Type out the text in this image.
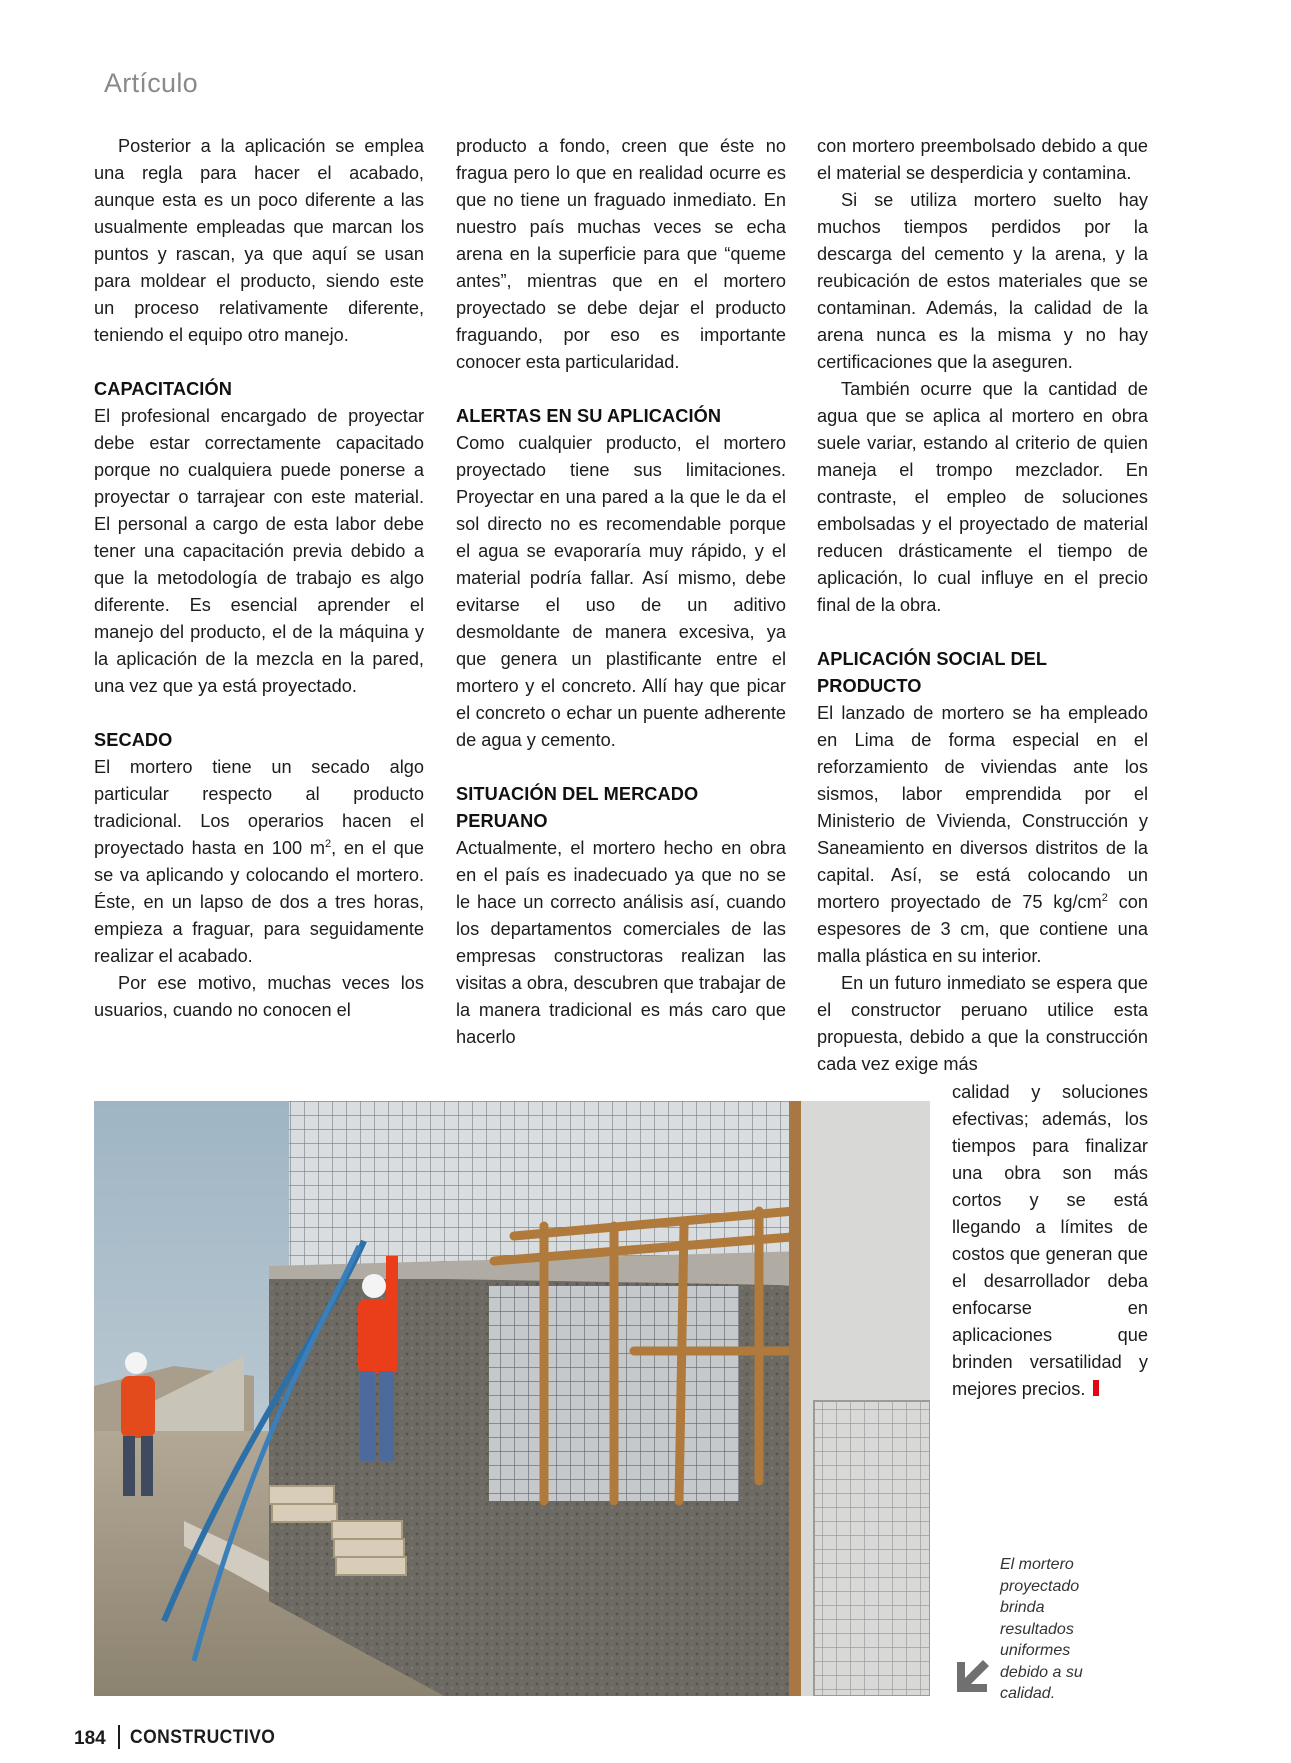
Artículo

Posterior a la aplicación se emplea una regla para hacer el acabado, aunque esta es un poco diferente a las usualmente empleadas que marcan los puntos y rascan, ya que aquí se usan para moldear el producto, siendo este un proceso relativamente diferente, teniendo el equipo otro manejo.

CAPACITACIÓN

El profesional encargado de proyectar debe estar correctamente capacitado porque no cualquiera puede ponerse a proyectar o tarrajear con este material. El personal a cargo de esta labor debe tener una capacitación previa debido a que la metodología de trabajo es algo diferente. Es esencial aprender el manejo del producto, el de la máquina y la aplicación de la mezcla en la pared, una vez que ya está proyectado.

SECADO

El mortero tiene un secado algo particular respecto al producto tradicional. Los operarios hacen el proyectado hasta en 100 $m^2$, en el que se va aplicando y colocando el mortero. Éste, en un lapso de dos a tres horas, empieza a fraguar, para seguidamente realizar el acabado.

Por ese motivo, muchas veces los usuarios, cuando no conocen el

producto a fondo, creen que éste no fragua pero lo que en realidad ocurre es que no tiene un fraguado inmediato. En nuestro país muchas veces se echa arena en la superficie para que “queme antes”, mientras que en el mortero proyectado se debe dejar el producto fraguando, por eso es importante conocer esta particularidad.

ALERTAS EN SU APLICACIÓN

Como cualquier producto, el mortero proyectado tiene sus limitaciones. Proyectar en una pared a la que le da el sol directo no es recomendable porque el agua se evaporaría muy rápido, y el material podría fallar. Así mismo, debe evitarse el uso de un aditivo desmoldante de manera excesiva, ya que genera un plastificante entre el mortero y el concreto. Allí hay que picar el concreto o echar un puente adherente de agua y cemento.

SITUACIÓN DEL MERCADO PERUANO

Actualmente, el mortero hecho en obra en el país es inadecuado ya que no se le hace un correcto análisis así, cuando los departamentos comerciales de las empresas constructoras realizan las visitas a obra, descubren que trabajar de la manera tradicional es más caro que hacerlo

con mortero preembolsado debido a que el material se desperdicia y contamina.

Si se utiliza mortero suelto hay muchos tiempos perdidos por la descarga del cemento y la arena, y la reubicación de estos materiales que se contaminan. Además, la calidad de la arena nunca es la misma y no hay certificaciones que la aseguren.

También ocurre que la cantidad de agua que se aplica al mortero en obra suele variar, estando al criterio de quien maneja el trompo mezclador. En contraste, el empleo de soluciones embolsadas y el proyectado de material reducen drásticamente el tiempo de aplicación, lo cual influye en el precio final de la obra.

APLICACIÓN SOCIAL DEL PRODUCTO

El lanzado de mortero se ha empleado en Lima de forma especial en el reforzamiento de viviendas ante los sismos, labor emprendida por el Ministerio de Vivienda, Construcción y Saneamiento en diversos distritos de la capital. Así, se está colocando un mortero proyectado de 75 $kg/cm^2$ con espesores de 3 cm, que contiene una malla plástica en su interior.

En un futuro inmediato se espera que el constructor peruano utilice esta propuesta, debido a que la construcción cada vez exige más

calidad y soluciones efectivas; además, los tiempos para finalizar una obra son más cortos y se está llegando a límites de costos que generan que el desarrollador deba enfocarse en aplicaciones que brinden versatilidad y mejores precios.

El mortero proyectado brinda resultados uniformes debido a su calidad.
184 CONSTRUCTIVO
